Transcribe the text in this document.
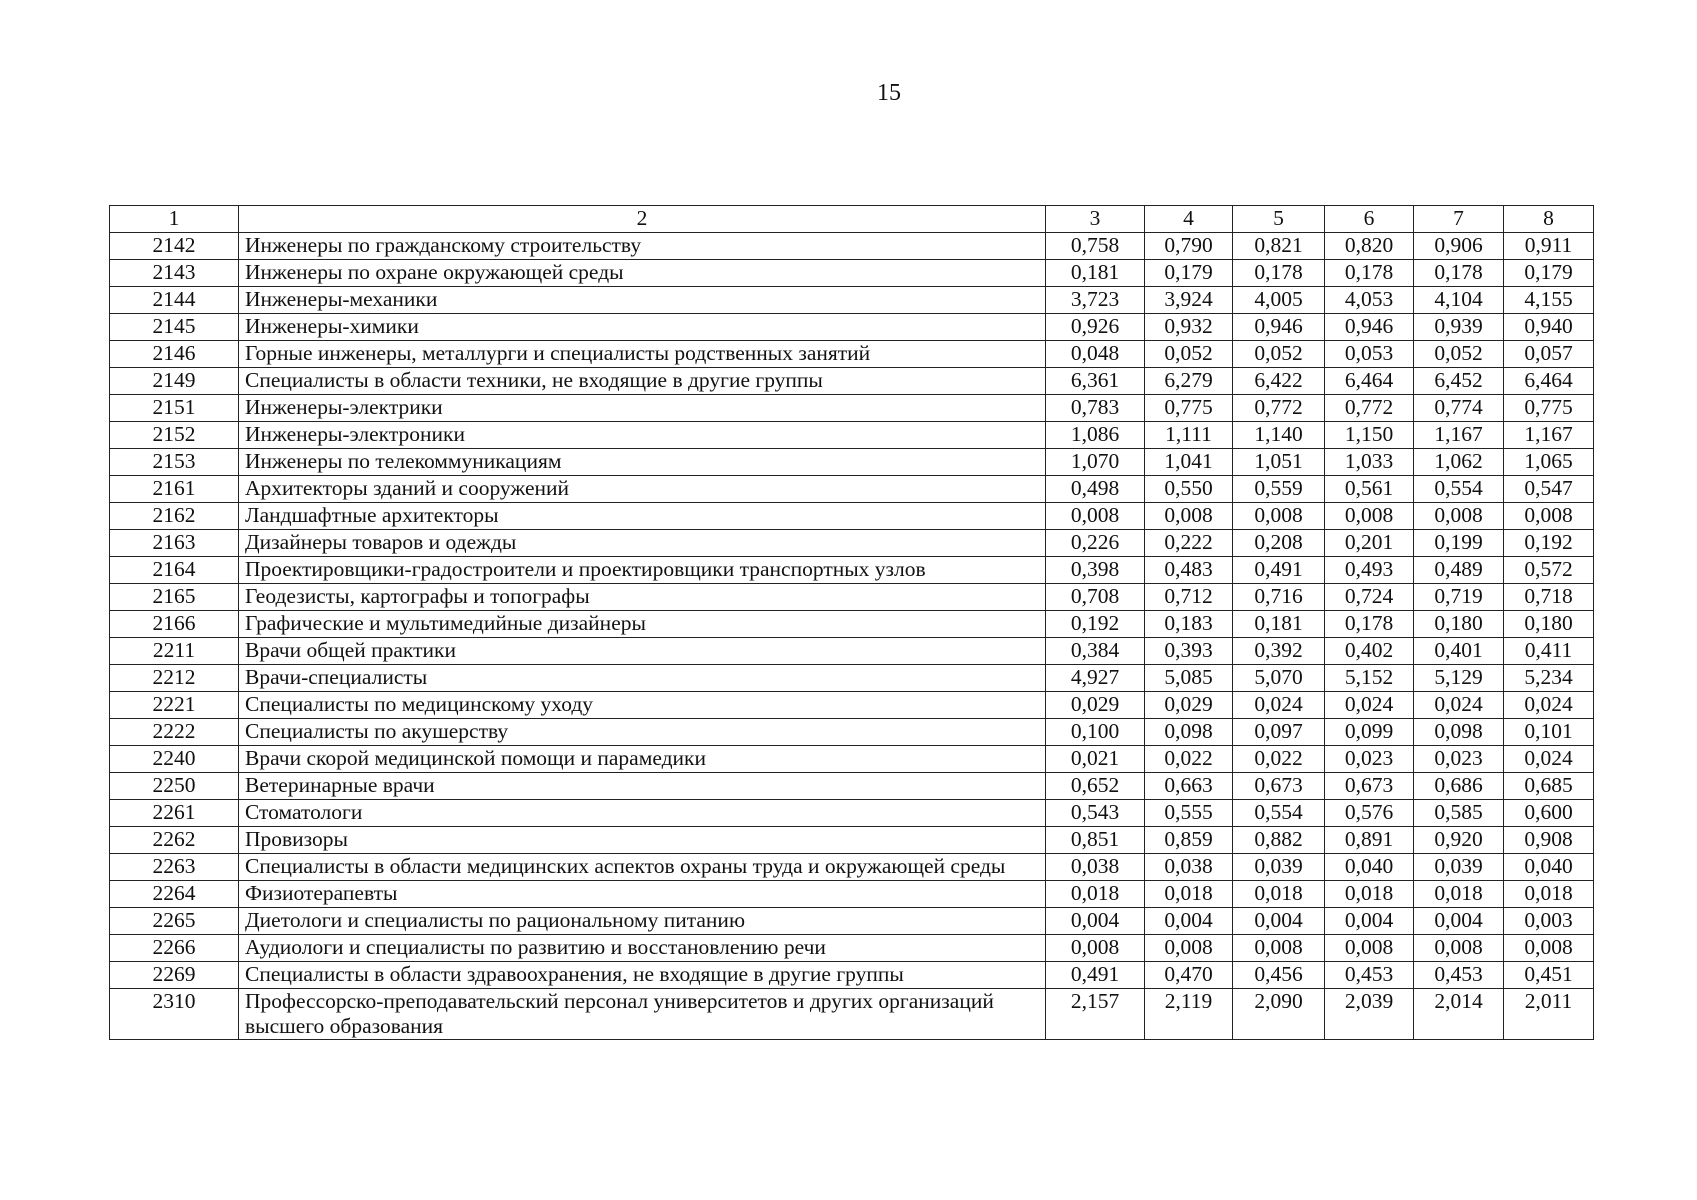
15
1	2	3	4	5	6	7	8
2142	Инженеры по гражданскому строительству	0,758	0,790	0,821	0,820	0,906	0,911
2143	Инженеры по охране окружающей среды	0,181	0,179	0,178	0,178	0,178	0,179
2144	Инженеры-механики	3,723	3,924	4,005	4,053	4,104	4,155
2145	Инженеры-химики	0,926	0,932	0,946	0,946	0,939	0,940
2146	Горные инженеры, металлурги и специалисты родственных занятий	0,048	0,052	0,052	0,053	0,052	0,057
2149	Специалисты в области техники, не входящие в другие группы	6,361	6,279	6,422	6,464	6,452	6,464
2151	Инженеры-электрики	0,783	0,775	0,772	0,772	0,774	0,775
2152	Инженеры-электроники	1,086	1,111	1,140	1,150	1,167	1,167
2153	Инженеры по телекоммуникациям	1,070	1,041	1,051	1,033	1,062	1,065
2161	Архитекторы зданий и сооружений	0,498	0,550	0,559	0,561	0,554	0,547
2162	Ландшафтные архитекторы	0,008	0,008	0,008	0,008	0,008	0,008
2163	Дизайнеры товаров и одежды	0,226	0,222	0,208	0,201	0,199	0,192
2164	Проектировщики-градостроители и проектировщики транспортных узлов	0,398	0,483	0,491	0,493	0,489	0,572
2165	Геодезисты, картографы и топографы	0,708	0,712	0,716	0,724	0,719	0,718
2166	Графические и мультимедийные дизайнеры	0,192	0,183	0,181	0,178	0,180	0,180
2211	Врачи общей практики	0,384	0,393	0,392	0,402	0,401	0,411
2212	Врачи-специалисты	4,927	5,085	5,070	5,152	5,129	5,234
2221	Специалисты по медицинскому уходу	0,029	0,029	0,024	0,024	0,024	0,024
2222	Специалисты по акушерству	0,100	0,098	0,097	0,099	0,098	0,101
2240	Врачи скорой медицинской помощи и парамедики	0,021	0,022	0,022	0,023	0,023	0,024
2250	Ветеринарные врачи	0,652	0,663	0,673	0,673	0,686	0,685
2261	Стоматологи	0,543	0,555	0,554	0,576	0,585	0,600
2262	Провизоры	0,851	0,859	0,882	0,891	0,920	0,908
2263	Специалисты в области медицинских аспектов охраны труда и окружающей среды	0,038	0,038	0,039	0,040	0,039	0,040
2264	Физиотерапевты	0,018	0,018	0,018	0,018	0,018	0,018
2265	Диетологи и специалисты по рациональному питанию	0,004	0,004	0,004	0,004	0,004	0,003
2266	Аудиологи и специалисты по развитию и восстановлению речи	0,008	0,008	0,008	0,008	0,008	0,008
2269	Специалисты в области здравоохранения, не входящие в другие группы	0,491	0,470	0,456	0,453	0,453	0,451
2310	Профессорско-преподавательский персонал университетов и других организаций высшего образования	2,157	2,119	2,090	2,039	2,014	2,011
